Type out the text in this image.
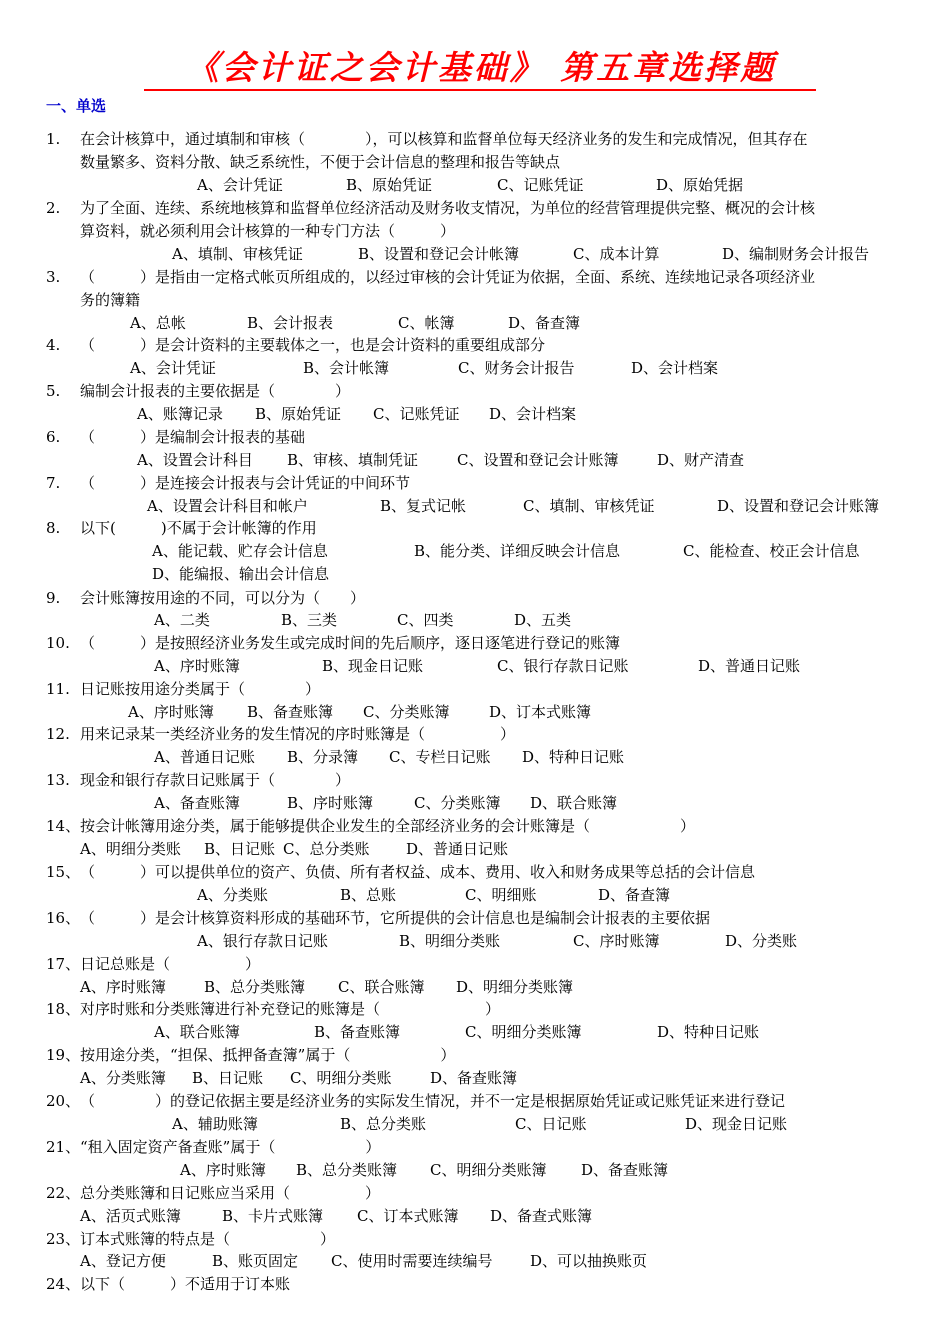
《会计证之会计基础》 第五章选择题
一、单选
1. 在会计核算中，通过填制和审核（　　　　），可以核算和监督单位每天经济业务的发生和完成情况，但其存在
数量繁多、资料分散、缺乏系统性，不便于会计信息的整理和报告等缺点
A、会计凭证	B、原始凭证	C、记账凭证	D、原始凭据
2. 为了全面、连续、系统地核算和监督单位经济活动及财务收支情况，为单位的经营管理提供完整、概况的会计核
算资料，就必须利用会计核算的一种专门方法（　　　）
A、填制、审核凭证	B、设置和登记会计帐簿	C、成本计算	D、编制财务会计报告
3. （　　　）是指由一定格式帐页所组成的，以经过审核的会计凭证为依据，全面、系统、连续地记录各项经济业
务的簿籍
A、总帐	B、会计报表	C、帐簿	D、备查簿
4. （　　　）是会计资料的主要载体之一，也是会计资料的重要组成部分
A、会计凭证	B、会计帐簿	C、财务会计报告	D、会计档案
5. 编制会计报表的主要依据是（　　　　）
A、账簿记录 B、原始凭证 C、记账凭证 D、会计档案
6. （　　　）是编制会计报表的基础
A、设置会计科目 B、审核、填制凭证	C、设置和登记会计账簿	D、财产清查
7. （　　　）是连接会计报表与会计凭证的中间环节
A、设置会计科目和帐户	B、复式记帐	C、填制、审核凭证	D、设置和登记会计账簿
8. 以下(　　　)不属于会计帐簿的作用
A、能记载、贮存会计信息	B、能分类、详细反映会计信息	C、能检查、校正会计信息
D、能编报、输出会计信息
9. 会计账簿按用途的不同，可以分为（　　）
A、二类	B、三类	C、四类	D、五类
10. （　　　）是按照经济业务发生或完成时间的先后顺序，逐日逐笔进行登记的账簿
A、序时账簿	B、现金日记账	C、银行存款日记账	D、普通日记账
11. 日记账按用途分类属于（　　　　）
A、序时账簿 B、备查账簿 C、分类账簿	D、订本式账簿
12. 用来记录某一类经济业务的发生情况的序时账簿是（　　　　　）
A、普通日记账 B、分录簿 C、专栏日记账 D、特种日记账
13. 现金和银行存款日记账属于（　　　　）
A、备查账簿	B、序时账簿	C、分类账簿 D、联合账簿
14、 按会计帐簿用途分类，属于能够提供企业发生的全部经济业务的会计账簿是（　　　　　　）
A、明细分类账 B、日记账 C、总分类账 D、普通日记账
15、 （　　　）可以提供单位的资产、负债、所有者权益、成本、费用、收入和财务成果等总括的会计信息
A、分类账	B、总账	C、明细账	D、备查簿
16、 （　　　）是会计核算资料形成的基础环节，它所提供的会计信息也是编制会计报表的主要依据
A、银行存款日记账	B、明细分类账	C、序时账簿	D、分类账
17、 日记总账是（　　　　　）
A、序时账簿	B、总分类账簿 C、联合账簿 D、明细分类账簿
18、 对序时账和分类账簿进行补充登记的账簿是（　　　　　　　）
A、联合账簿	B、备查账簿	C、明细分类账簿	D、特种日记账
19、 按用途分类，“担保、抵押备查簿”属于（　　　　　　）
A、分类账簿 B、日记账 C、明细分类账	D、备查账簿
20、 （　　　　）的登记依据主要是经济业务的实际发生情况，并不一定是根据原始凭证或记账凭证来进行登记
A、辅助账簿	B、总分类账	C、日记账	D、现金日记账
21、 “租入固定资产备查账”属于（　　　　　　）
A、序时账簿 B、总分类账簿 C、明细分类账簿 D、备查账簿
22、 总分类账簿和日记账应当采用（　　　　　）
A、活页式账簿	B、卡片式账簿 C、订本式账簿 D、备查式账簿
23、 订本式账簿的特点是（　　　　　　）
A、登记方便	B、账页固定 C、使用时需要连续编号	D、可以抽换账页
24、 以下（　　　）不适用于订本账
